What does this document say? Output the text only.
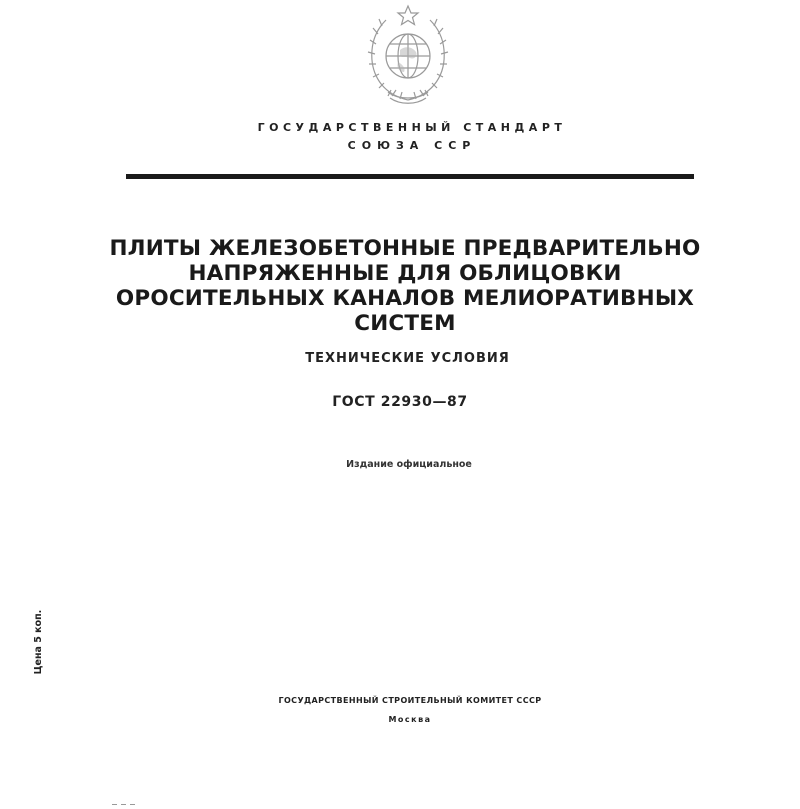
ГОСУДАРСТВЕННЫЙ СТАНДАРТ
СОЮЗА ССР
ПЛИТЫ ЖЕЛЕЗОБЕТОННЫЕ ПРЕДВАРИТЕЛЬНО
НАПРЯЖЕННЫЕ ДЛЯ ОБЛИЦОВКИ
ОРОСИТЕЛЬНЫХ КАНАЛОВ МЕЛИОРАТИВНЫХ
СИСТЕМ
ТЕХНИЧЕСКИЕ УСЛОВИЯ
ГОСТ 22930—87
Издание официальное
Цена 5 коп.
ГОСУДАРСТВЕННЫЙ СТРОИТЕЛЬНЫЙ КОМИТЕТ СССР
Москва
